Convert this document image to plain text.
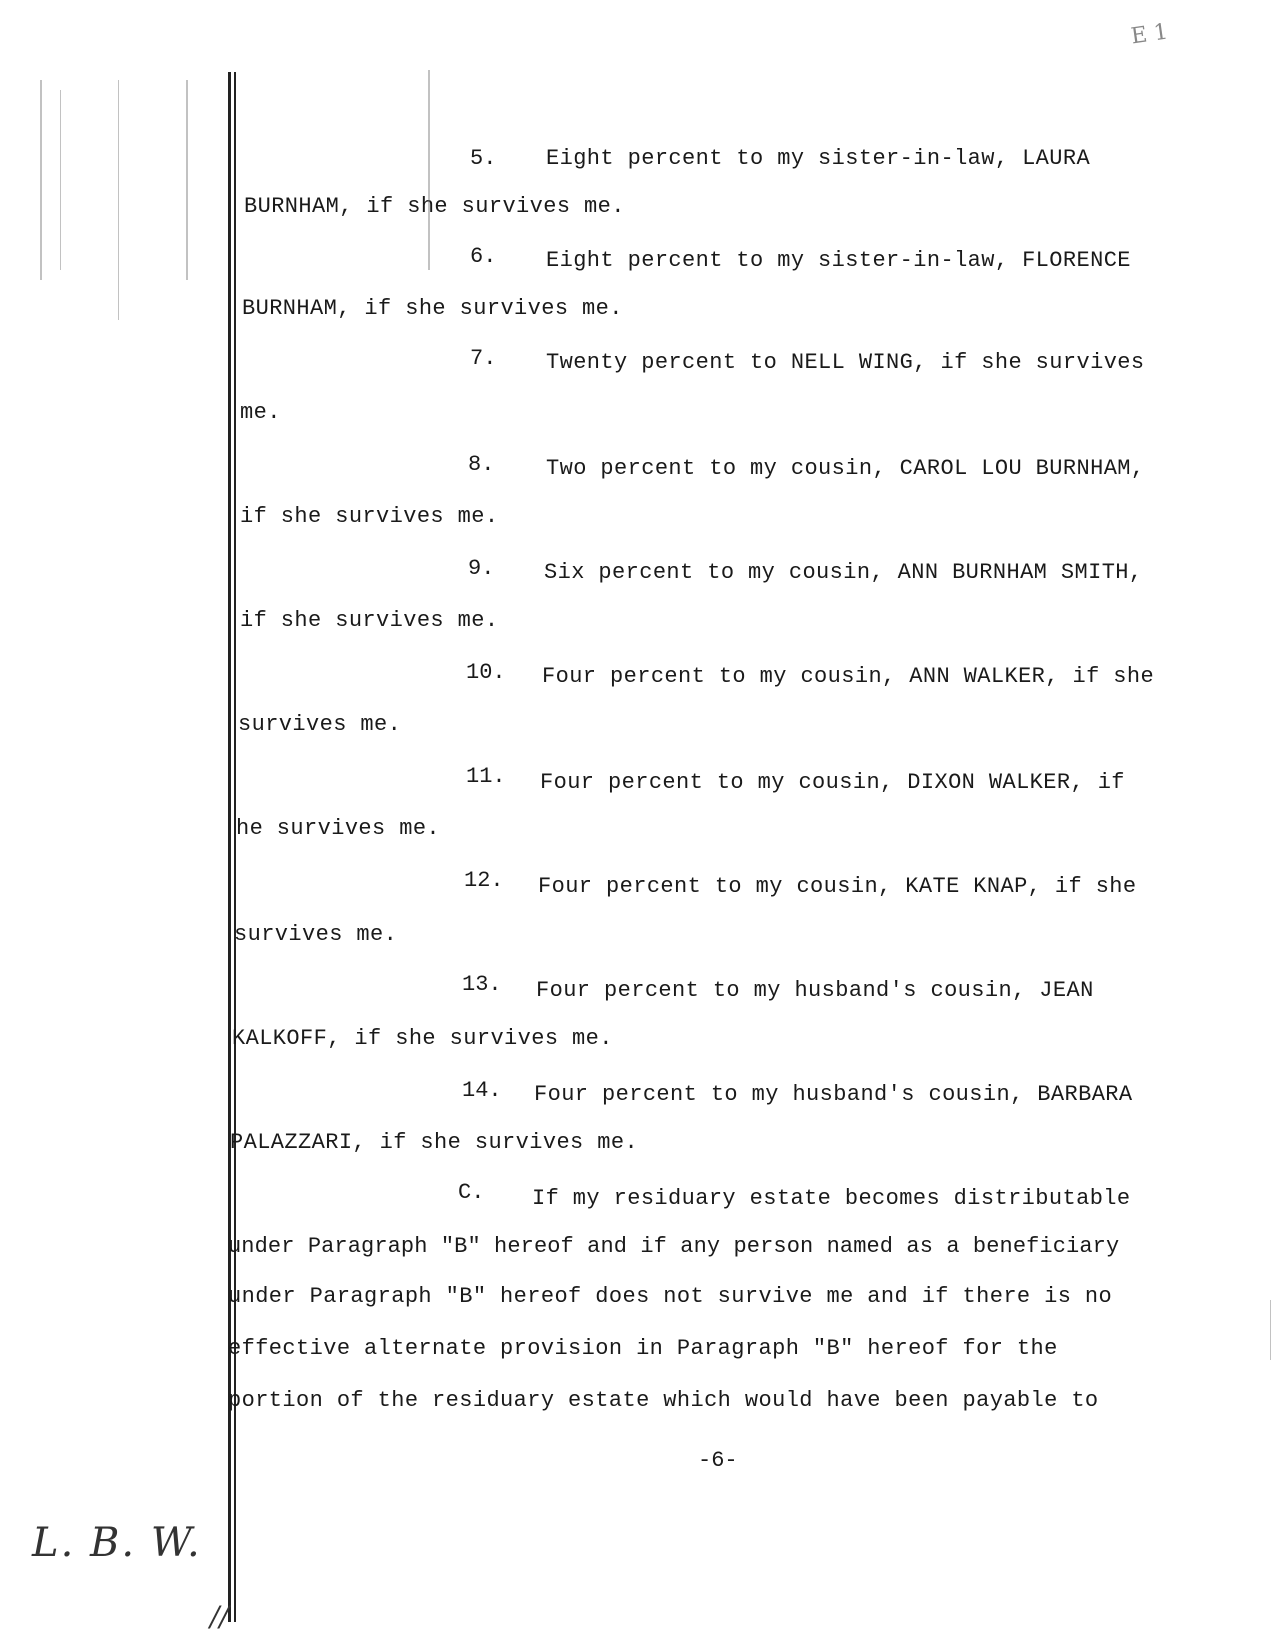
E 1
5. Eight percent to my sister-in-law, LAURA
BURNHAM, if she survives me.
6. Eight percent to my sister-in-law, FLORENCE
BURNHAM, if she survives me.
7. Twenty percent to NELL WING, if she survives
me.
8. Two percent to my cousin, CAROL LOU BURNHAM,
if she survives me.
9. Six percent to my cousin, ANN BURNHAM SMITH,
if she survives me.
10. Four percent to my cousin, ANN WALKER, if she
survives me.
11. Four percent to my cousin, DIXON WALKER, if
he survives me.
12. Four percent to my cousin, KATE KNAP, if she
survives me.
13. Four percent to my husband's cousin, JEAN
KALKOFF, if she survives me.
14. Four percent to my husband's cousin, BARBARA
PALAZZARI, if she survives me.
C. If my residuary estate becomes distributable
under Paragraph "B" hereof and if any person named as a beneficiary
under Paragraph "B" hereof does not survive me and if there is no
effective alternate provision in Paragraph "B" hereof for the
portion of the residuary estate which would have been payable to
-6-
L. B. W.
//
